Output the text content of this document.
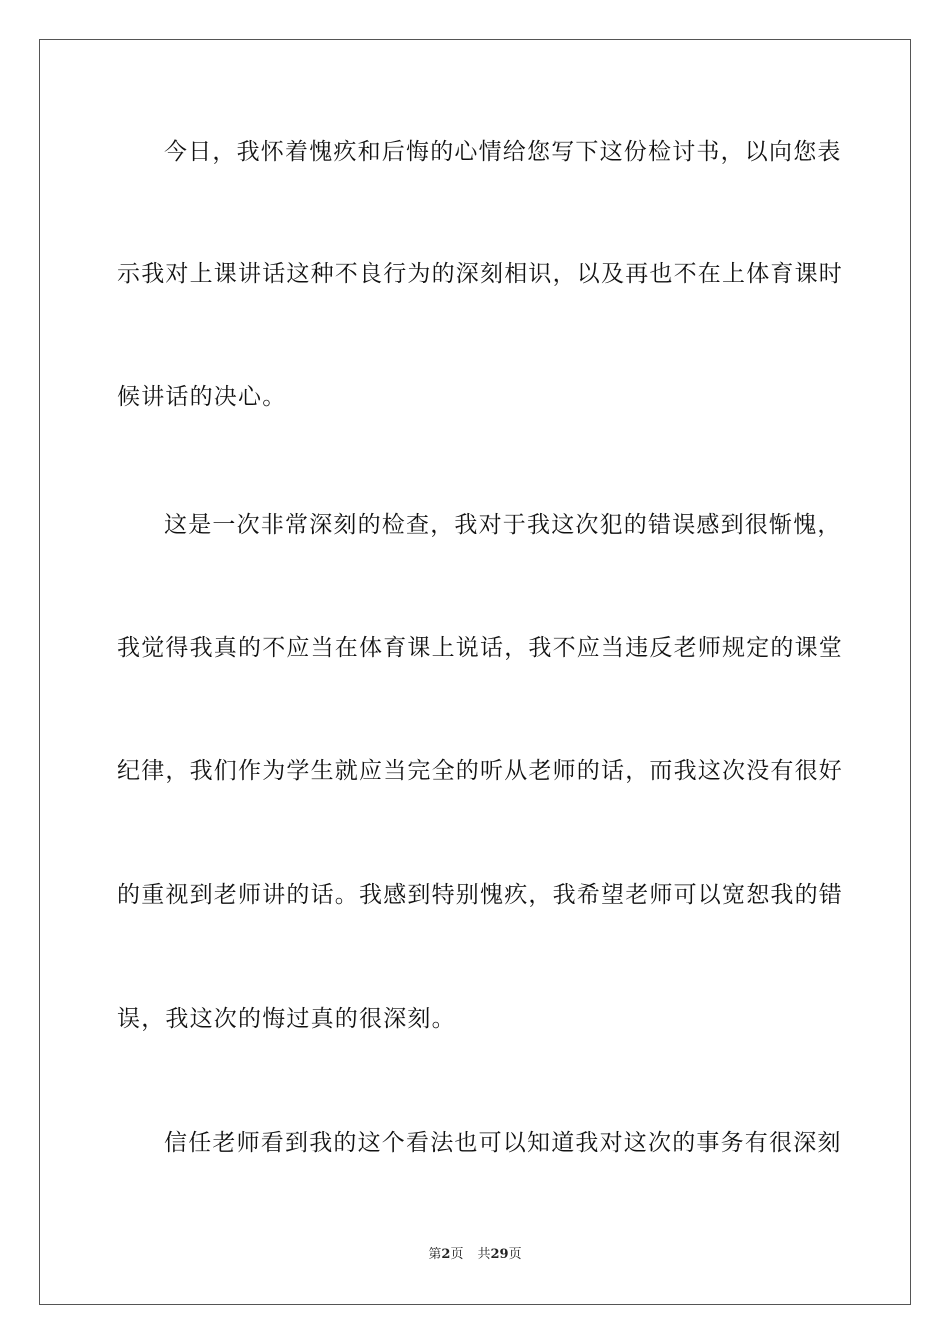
今日，我怀着愧疚和后悔的心情给您写下这份检讨书，以向您表
示我对上课讲话这种不良行为的深刻相识，以及再也不在上体育课时
候讲话的决心。
这是一次非常深刻的检查，我对于我这次犯的错误感到很惭愧，
我觉得我真的不应当在体育课上说话，我不应当违反老师规定的课堂
纪律，我们作为学生就应当完全的听从老师的话，而我这次没有很好
的重视到老师讲的话。我感到特别愧疚，我希望老师可以宽恕我的错
误，我这次的悔过真的很深刻。
信任老师看到我的这个看法也可以知道我对这次的事务有很深刻
第2页 共29页
